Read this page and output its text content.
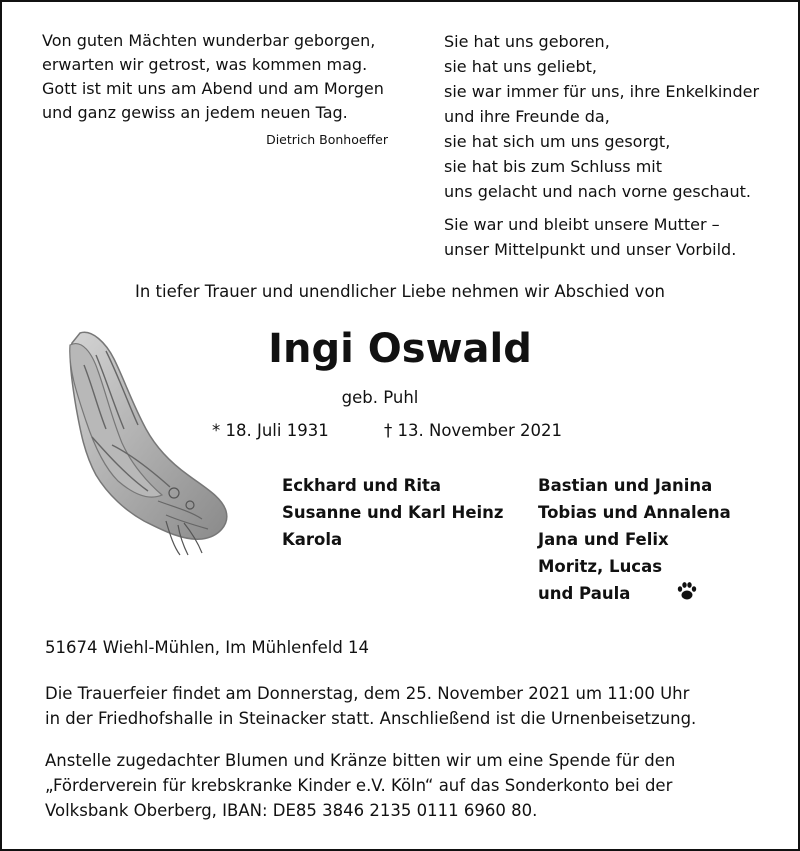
Von guten Mächten wunderbar geborgen,
erwarten wir getrost, was kommen mag.
Gott ist mit uns am Abend und am Morgen
und ganz gewiss an jedem neuen Tag.
Dietrich Bonhoeffer
Sie hat uns geboren,
sie hat uns geliebt,
sie war immer für uns, ihre Enkelkinder
und ihre Freunde da,
sie hat sich um uns gesorgt,
sie hat bis zum Schluss mit
uns gelacht und nach vorne geschaut.
Sie war und bleibt unsere Mutter –
unser Mittelpunkt und unser Vorbild.
In tiefer Trauer und unendlicher Liebe nehmen wir Abschied von
Ingi Oswald
geb. Puhl
* 18. Juli 1931	† 13. November 2021
Eckhard und Rita
Susanne und Karl Heinz
Karola
Bastian und Janina
Tobias und Annalena
Jana und Felix
Moritz, Lucas
und Paula
51674 Wiehl-Mühlen, Im Mühlenfeld 14
Die Trauerfeier findet am Donnerstag, dem 25. November 2021 um 11:00 Uhr
in der Friedhofshalle in Steinacker statt. Anschließend ist die Urnenbeisetzung.
Anstelle zugedachter Blumen und Kränze bitten wir um eine Spende für den
„Förderverein für krebskranke Kinder e.V. Köln“ auf das Sonderkonto bei der
Volksbank Oberberg, IBAN: DE85 3846 2135 0111 6960 80.
